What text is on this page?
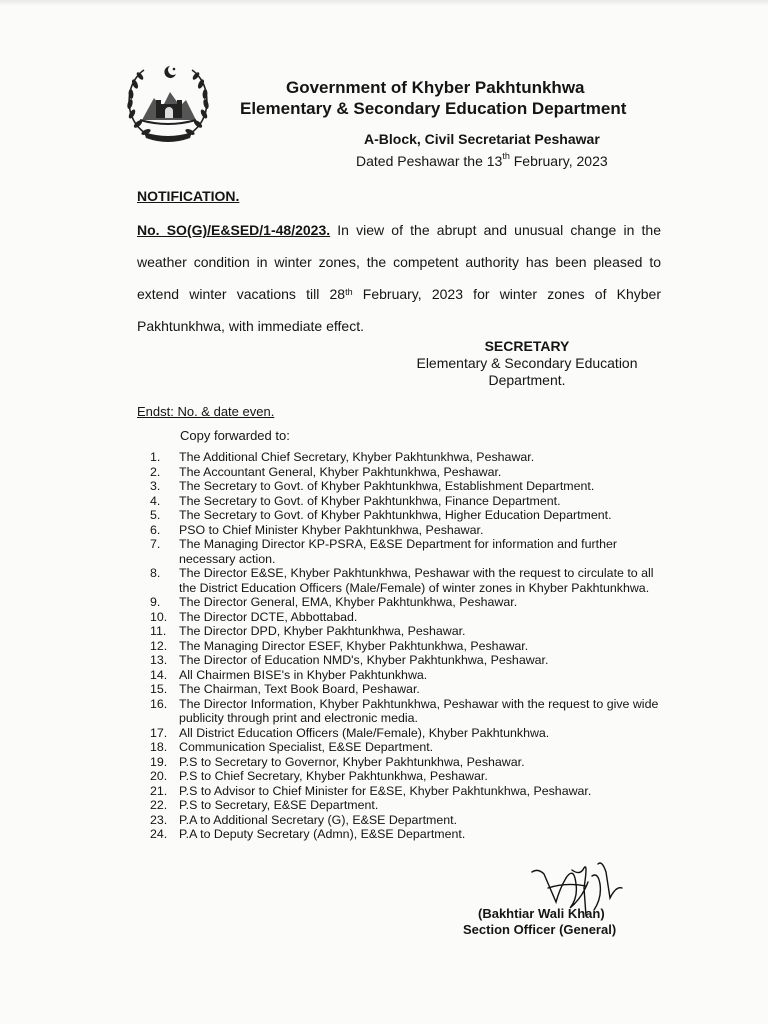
Government of Khyber Pakhtunkhwa
Elementary & Secondary Education Department
A-Block, Civil Secretariat Peshawar
Dated Peshawar the 13th February, 2023
NOTIFICATION.
No. SO(G)/E&SED/1-48/2023. In view of the abrupt and unusual change in the weather condition in winter zones, the competent authority has been pleased to extend winter vacations till 28th February, 2023 for winter zones of Khyber Pakhtunkhwa, with immediate effect.
SECRETARY
Elementary & Secondary Education
Department.
Endst: No. & date even.
Copy forwarded to:
1.	The Additional Chief Secretary, Khyber Pakhtunkhwa, Peshawar.
2.	The Accountant General, Khyber Pakhtunkhwa, Peshawar.
3.	The Secretary to Govt. of Khyber Pakhtunkhwa, Establishment Department.
4.	The Secretary to Govt. of Khyber Pakhtunkhwa, Finance Department.
5.	The Secretary to Govt. of Khyber Pakhtunkhwa, Higher Education Department.
6.	PSO to Chief Minister Khyber Pakhtunkhwa, Peshawar.
7.	The Managing Director KP-PSRA, E&SE Department for information and further necessary action.
8.	The Director E&SE, Khyber Pakhtunkhwa, Peshawar with the request to circulate to all the District Education Officers (Male/Female) of winter zones in Khyber Pakhtunkhwa.
9.	The Director General, EMA, Khyber Pakhtunkhwa, Peshawar.
10. The Director DCTE, Abbottabad.
11.	The Director DPD, Khyber Pakhtunkhwa, Peshawar.
12. The Managing Director ESEF, Khyber Pakhtunkhwa, Peshawar.
13. The Director of Education NMD's, Khyber Pakhtunkhwa, Peshawar.
14. All Chairmen BISE's in Khyber Pakhtunkhwa.
15. The Chairman, Text Book Board, Peshawar.
16. The Director Information, Khyber Pakhtunkhwa, Peshawar with the request to give wide publicity through print and electronic media.
17. All District Education Officers (Male/Female), Khyber Pakhtunkhwa.
18. Communication Specialist, E&SE Department.
19. P.S to Secretary to Governor, Khyber Pakhtunkhwa, Peshawar.
20. P.S to Chief Secretary, Khyber Pakhtunkhwa, Peshawar.
21. P.S to Advisor to Chief Minister for E&SE, Khyber Pakhtunkhwa, Peshawar.
22. P.S to Secretary, E&SE Department.
23. P.A to Additional Secretary (G), E&SE Department.
24. P.A to Deputy Secretary (Admn), E&SE Department.
(Bakhtiar Wali Khan)
Section Officer (General)
